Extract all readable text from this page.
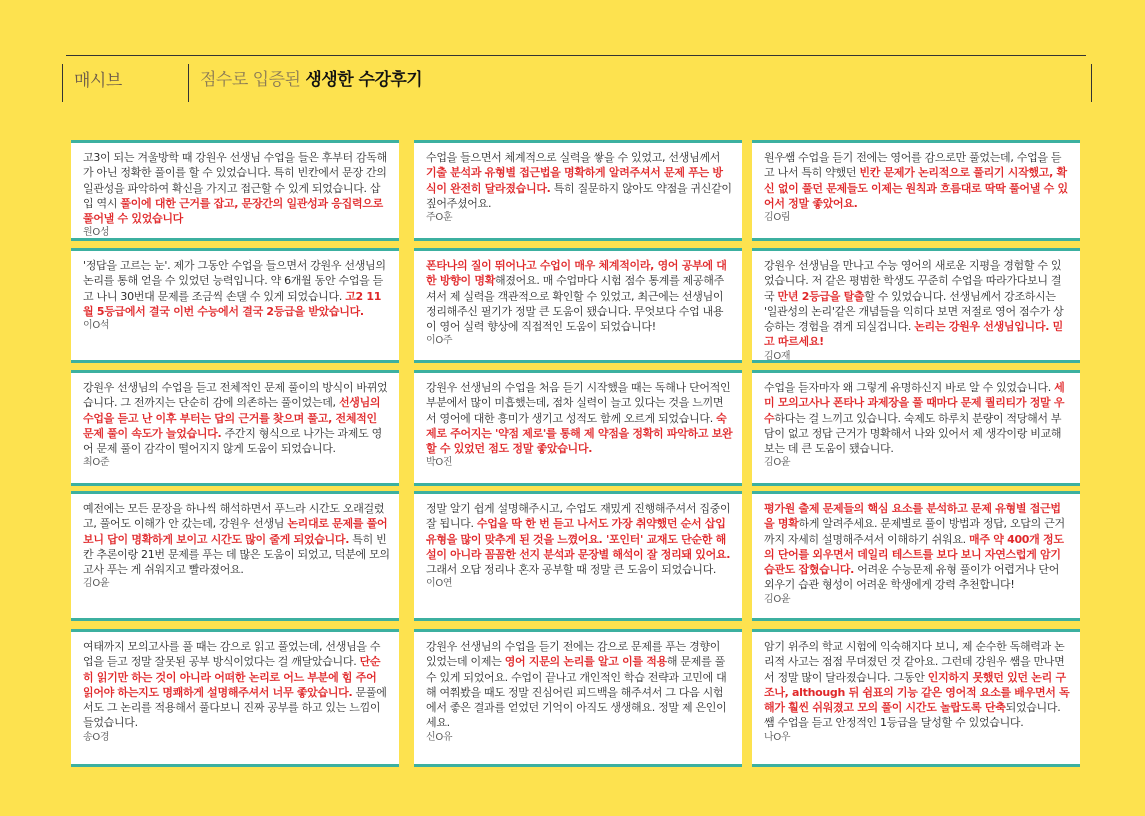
매시브	점수로 입증된 생생한 수강후기

고3이 되는 겨울방학 때 강원우 선생님 수업을 들은 후부터 감독해가 아닌 정확한 풀이를 할 수 있었습니다. 특히 빈칸에서 문장 간의 일관성을 파악하여 확신을 가지고 접근할 수 있게 되었습니다. 삽입 역시 풀이에 대한 근거를 잡고, 문장간의 일관성과 응집력으로 풀어낼 수 있었습니다

원O성

수업을 들으면서 체계적으로 실력을 쌓을 수 있었고, 선생님께서 기출 분석과 유형별 접근법을 명확하게 알려주셔서 문제 푸는 방식이 완전히 달라졌습니다. 특히 질문하지 않아도 약점을 귀신같이 짚어주셨어요.

주O훈

원우쌤 수업을 듣기 전에는 영어를 감으로만 풀었는데, 수업을 듣고 나서 특히 약했던 빈칸 문제가 논리적으로 풀리기 시작했고, 확신 없이 풀던 문제들도 이제는 원칙과 흐름대로 딱딱 풀어낼 수 있어서 정말 좋았어요.

김O림

'정답을 고르는 눈'. 제가 그동안 수업을 들으면서 강원우 선생님의 논리를 통해 얻을 수 있었던 능력입니다. 약 6개월 동안 수업을 듣고 나니 30번대 문제를 조금씩 손댈 수 있게 되었습니다. 고2 11월 5등급에서 결국 이번 수능에서 결국 2등급을 받았습니다.

이O석

폰타나의 질이 뛰어나고 수업이 매우 체계적이라, 영어 공부에 대한 방향이 명확해졌어요. 매 수업마다 시험 점수 통계를 제공해주셔서 제 실력을 객관적으로 확인할 수 있었고, 최근에는 선생님이 정리해주신 필기가 정말 큰 도움이 됐습니다. 무엇보다 수업 내용이 영어 실력 향상에 직접적인 도움이 되었습니다!

이O주

강원우 선생님을 만나고 수능 영어의 새로운 지평을 경험할 수 있었습니다. 저 같은 평범한 학생도 꾸준히 수업을 따라가다보니 결국 만년 2등급을 탈출할 수 있었습니다. 선생님께서 강조하시는 '일관성의 논리'같은 개념들을 익히다 보면 저절로 영어 점수가 상승하는 경험을 겪게 되실겁니다. 논리는 강원우 선생님입니다. 믿고 따르세요!

김O재

강원우 선생님의 수업을 듣고 전체적인 문제 풀이의 방식이 바뀌었습니다. 그 전까지는 단순히 감에 의존하는 풀이었는데, 선생님의 수업을 듣고 난 이후 부터는 답의 근거를 찾으며 풀고, 전체적인 문제 풀이 속도가 늘었습니다. 주간지 형식으로 나가는 과제도 영어 문제 풀이 감각이 떨어지지 않게 도움이 되었습니다.

최O준

강원우 선생님의 수업을 처음 듣기 시작했을 때는 독해나 단어적인 부분에서 많이 미흡했는데, 점차 실력이 늘고 있다는 것을 느끼면서 영어에 대한 흥미가 생기고 성적도 함께 오르게 되었습니다. 숙제로 주어지는 '약점 제로'를 통해 제 약점을 정확히 파악하고 보완할 수 있었던 점도 정말 좋았습니다.

박O진

수업을 듣자마자 왜 그렇게 유명하신지 바로 알 수 있었습니다. 세미 모의고사나 폰타나 과제장을 풀 때마다 문제 퀄리티가 정말 우수하다는 걸 느끼고 있습니다. 숙제도 하루치 분량이 적당해서 부담이 없고 정답 근거가 명확해서 나와 있어서 제 생각이랑 비교해보는 데 큰 도움이 됐습니다.

김O윤

예전에는 모든 문장을 하나씩 해석하면서 푸느라 시간도 오래걸렸고, 풀어도 이해가 안 갔는데, 강원우 선생님 논리대로 문제를 풀어보니 답이 명확하게 보이고 시간도 많이 줄게 되었습니다. 특히 빈칸 추론이랑 21번 문제를 푸는 데 많은 도움이 되었고, 덕분에 모의고사 푸는 게 쉬워지고 빨라졌어요.

김O윤

정말 알기 쉽게 설명해주시고, 수업도 재밌게 진행해주셔서 집중이 잘 됩니다. 수업을 딱 한 번 듣고 나서도 가장 취약했던 순서 삽입 유형을 많이 맞추게 된 것을 느꼈어요. '포인터' 교재도 단순한 해설이 아니라 꼼꼼한 선지 분석과 문장별 해석이 잘 정리돼 있어요. 그래서 오답 정리나 혼자 공부할 때 정말 큰 도움이 되었습니다.

이O연

평가원 출제 문제들의 핵심 요소를 분석하고 문제 유형별 접근법을 명확하게 알려주세요. 문제별로 풀이 방법과 정답, 오답의 근거까지 자세히 설명해주셔서 이해하기 쉬워요. 매주 약 400개 정도의 단어를 외우면서 데일리 테스트를 보다 보니 자연스럽게 암기 습관도 잡혔습니다. 어려운 수능문제 유형 풀이가 어렵거나 단어 외우기 습관 형성이 어려운 학생에게 강력 추천합니다!

김O윤

여태까지 모의고사를 풀 때는 감으로 읽고 풀었는데, 선생님을 수업을 듣고 정말 잘못된 공부 방식이었다는 걸 깨달았습니다. 단순히 읽기만 하는 것이 아니라 어떠한 논리로 어느 부분에 힘 주어 읽어야 하는지도 명쾌하게 설명해주셔서 너무 좋았습니다. 문풀에서도 그 논리를 적용해서 풀다보니 진짜 공부를 하고 있는 느낌이 들었습니다.

송O경

강원우 선생님의 수업을 듣기 전에는 감으로 문제를 푸는 경향이 있었는데 이제는 영어 지문의 논리를 알고 이를 적용해 문제를 풀 수 있게 되었어요. 수업이 끝나고 개인적인 학습 전략과 고민에 대해 여쭤봤을 때도 정말 진심어린 피드백을 해주셔서 그 다음 시험에서 좋은 결과를 얻었던 기억이 아직도 생생해요. 정말 제 은인이세요.

신O유

암기 위주의 학교 시험에 익숙해지다 보니, 제 순수한 독해력과 논리적 사고는 점점 무뎌졌던 것 같아요. 그런데 강원우 쌤을 만나면서 정말 많이 달라졌습니다. 그동안 인지하지 못했던 있던 논리 구조나, although 뒤 쉼표의 기능 같은 영어적 요소를 배우면서 독해가 훨씬 쉬워졌고 모의 풀이 시간도 놀랍도록 단축되었습니다. 쌤 수업을 듣고 안정적인 1등급을 달성할 수 있었습니다.

나O우
